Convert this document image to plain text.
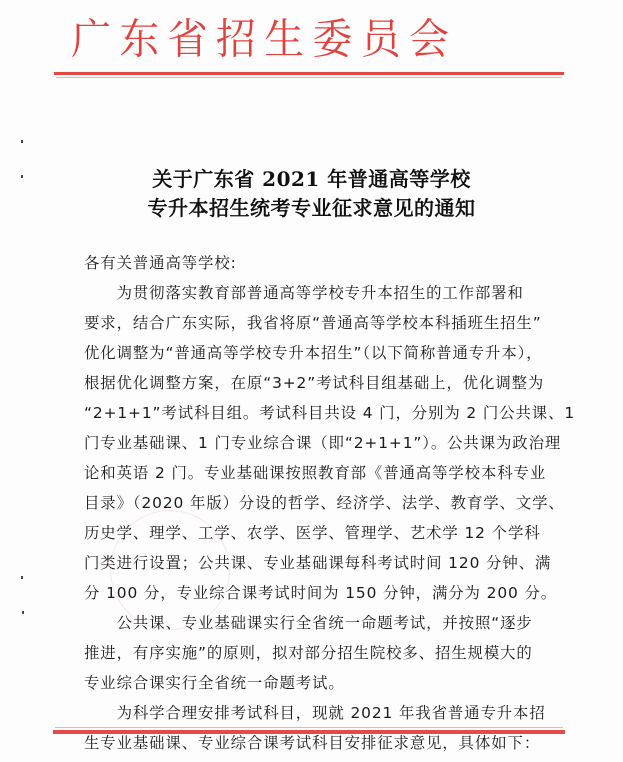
广 东 省 招 生 委 员 会
关于广东省 2021 年普通高等学校
专升本招生统考专业征求意见的通知
各有关普通高等学校:
　　为贯彻落实教育部普通高等学校专升本招生的工作部署和
要求，结合广东实际，我省将原“普通高等学校本科插班生招生”
优化调整为“普通高等学校专升本招生”（以下简称普通专升本），
根据优化调整方案，在原“3+2”考试科目组基础上，优化调整为
“2+1+1”考试科目组。考试科目共设 4 门，分别为 2 门公共课、1
门专业基础课、1 门专业综合课（即“2+1+1”）。公共课为政治理
论和英语 2 门。专业基础课按照教育部《普通高等学校本科专业
目录》（2020 年版）分设的哲学、经济学、法学、教育学、文学、
历史学、理学、工学、农学、医学、管理学、艺术学 12 个学科
门类进行设置；公共课、专业基础课每科考试时间 120 分钟、满
分 100 分，专业综合课考试时间为 150 分钟，满分为 200 分。
　　公共课、专业基础课实行全省统一命题考试，并按照“逐步
推进，有序实施”的原则，拟对部分招生院校多、招生规模大的
专业综合课实行全省统一命题考试。
　　为科学合理安排考试科目，现就 2021 年我省普通专升本招
生专业基础课、专业综合课考试科目安排征求意见，具体如下：
